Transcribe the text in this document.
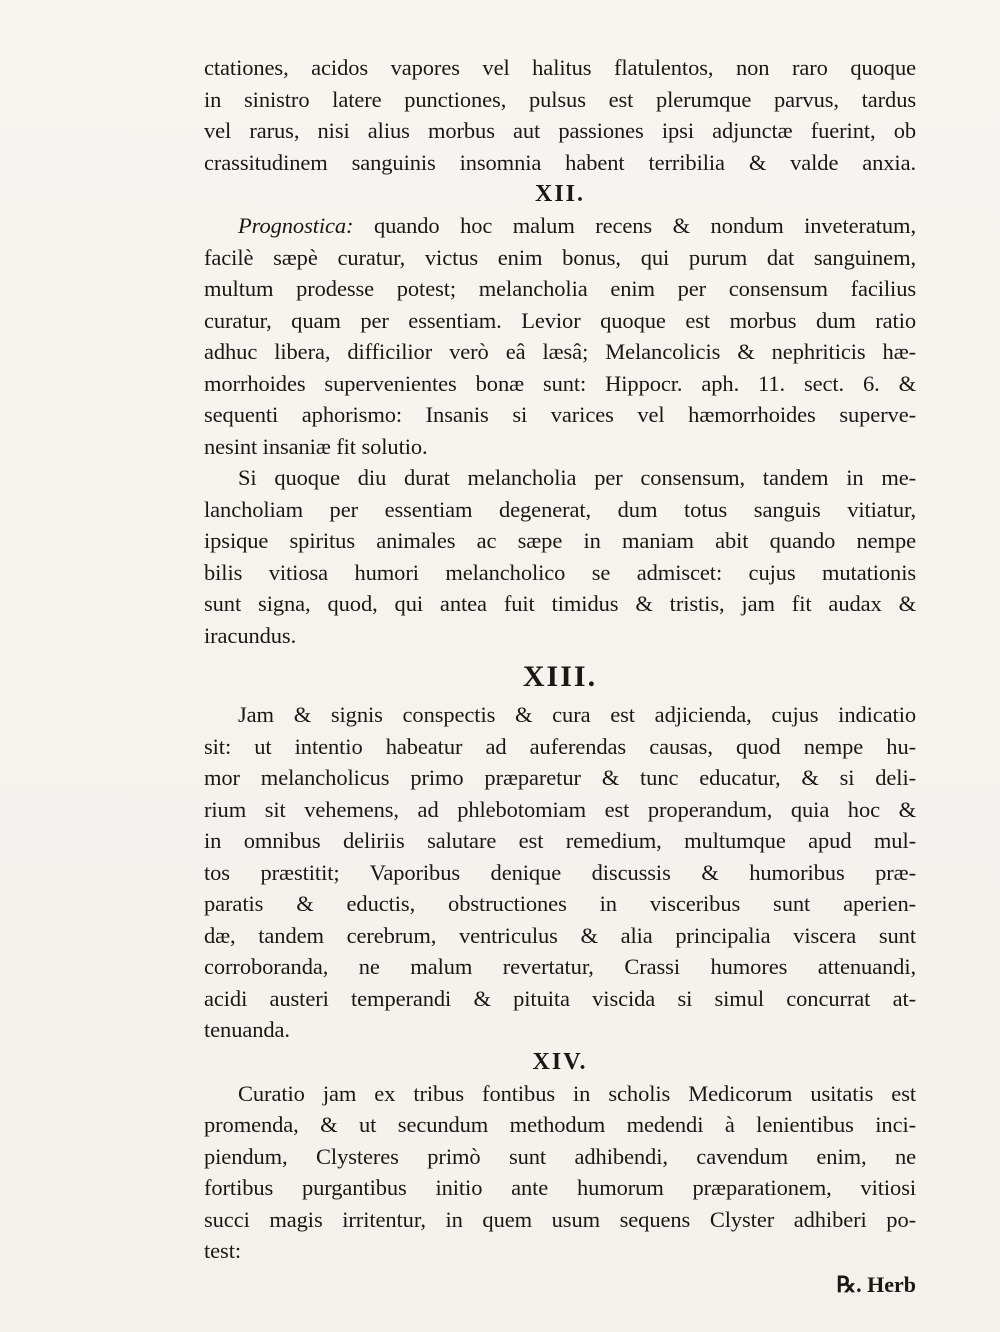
ctationes, acidos vapores vel halitus flatulentos, non raro quoque
in sinistro latere punctiones, pulsus est plerumque parvus, tardus
vel rarus, nisi alius morbus aut passiones ipsi adjunctæ fuerint, ob
crassitudinem sanguinis insomnia habent terribilia & valde anxia.

XII.

Prognostica: quando hoc malum recens & nondum inveteratum,
facilè sæpè curatur, victus enim bonus, qui purum dat sanguinem,
multum prodesse potest; melancholia enim per consensum facilius
curatur, quam per essentiam. Levior quoque est morbus dum ratio
adhuc libera, difficilior verò eâ læsâ; Melancolicis & nephriticis hæ-
morrhoides supervenientes bonæ sunt: Hippocr. aph. 11. sect. 6. &
sequenti aphorismo: Insanis si varices vel hæmorrhoides superve-
nesint insaniæ fit solutio.

Si quoque diu durat melancholia per consensum, tandem in me-
lancholiam per essentiam degenerat, dum totus sanguis vitiatur,
ipsique spiritus animales ac sæpe in maniam abit quando nempe
bilis vitiosa humori melancholico se admiscet: cujus mutationis
sunt signa, quod, qui antea fuit timidus & tristis, jam fit audax &
iracundus.

XIII.

Jam & signis conspectis & cura est adjicienda, cujus indicatio
sit: ut intentio habeatur ad auferendas causas, quod nempe hu-
mor melancholicus primo præparetur & tunc educatur, & si deli-
rium sit vehemens, ad phlebotomiam est properandum, quia hoc &
in omnibus deliriis salutare est remedium, multumque apud mul-
tos præstitit; Vaporibus denique discussis & humoribus præ-
paratis & eductis, obstructiones in visceribus sunt aperien-
dæ, tandem cerebrum, ventriculus & alia principalia viscera sunt
corroboranda, ne malum revertatur, Crassi humores attenuandi,
acidi austeri temperandi & pituita viscida si simul concurrat at-
tenuanda.

XIV.

Curatio jam ex tribus fontibus in scholis Medicorum usitatis est
promenda, & ut secundum methodum medendi à lenientibus inci-
piendum, Clysteres primò sunt adhibendi, cavendum enim, ne
fortibus purgantibus initio ante humorum præparationem, vitiosi
succi magis irritentur, in quem usum sequens Clyster adhiberi po-
test:

℞. Herb
